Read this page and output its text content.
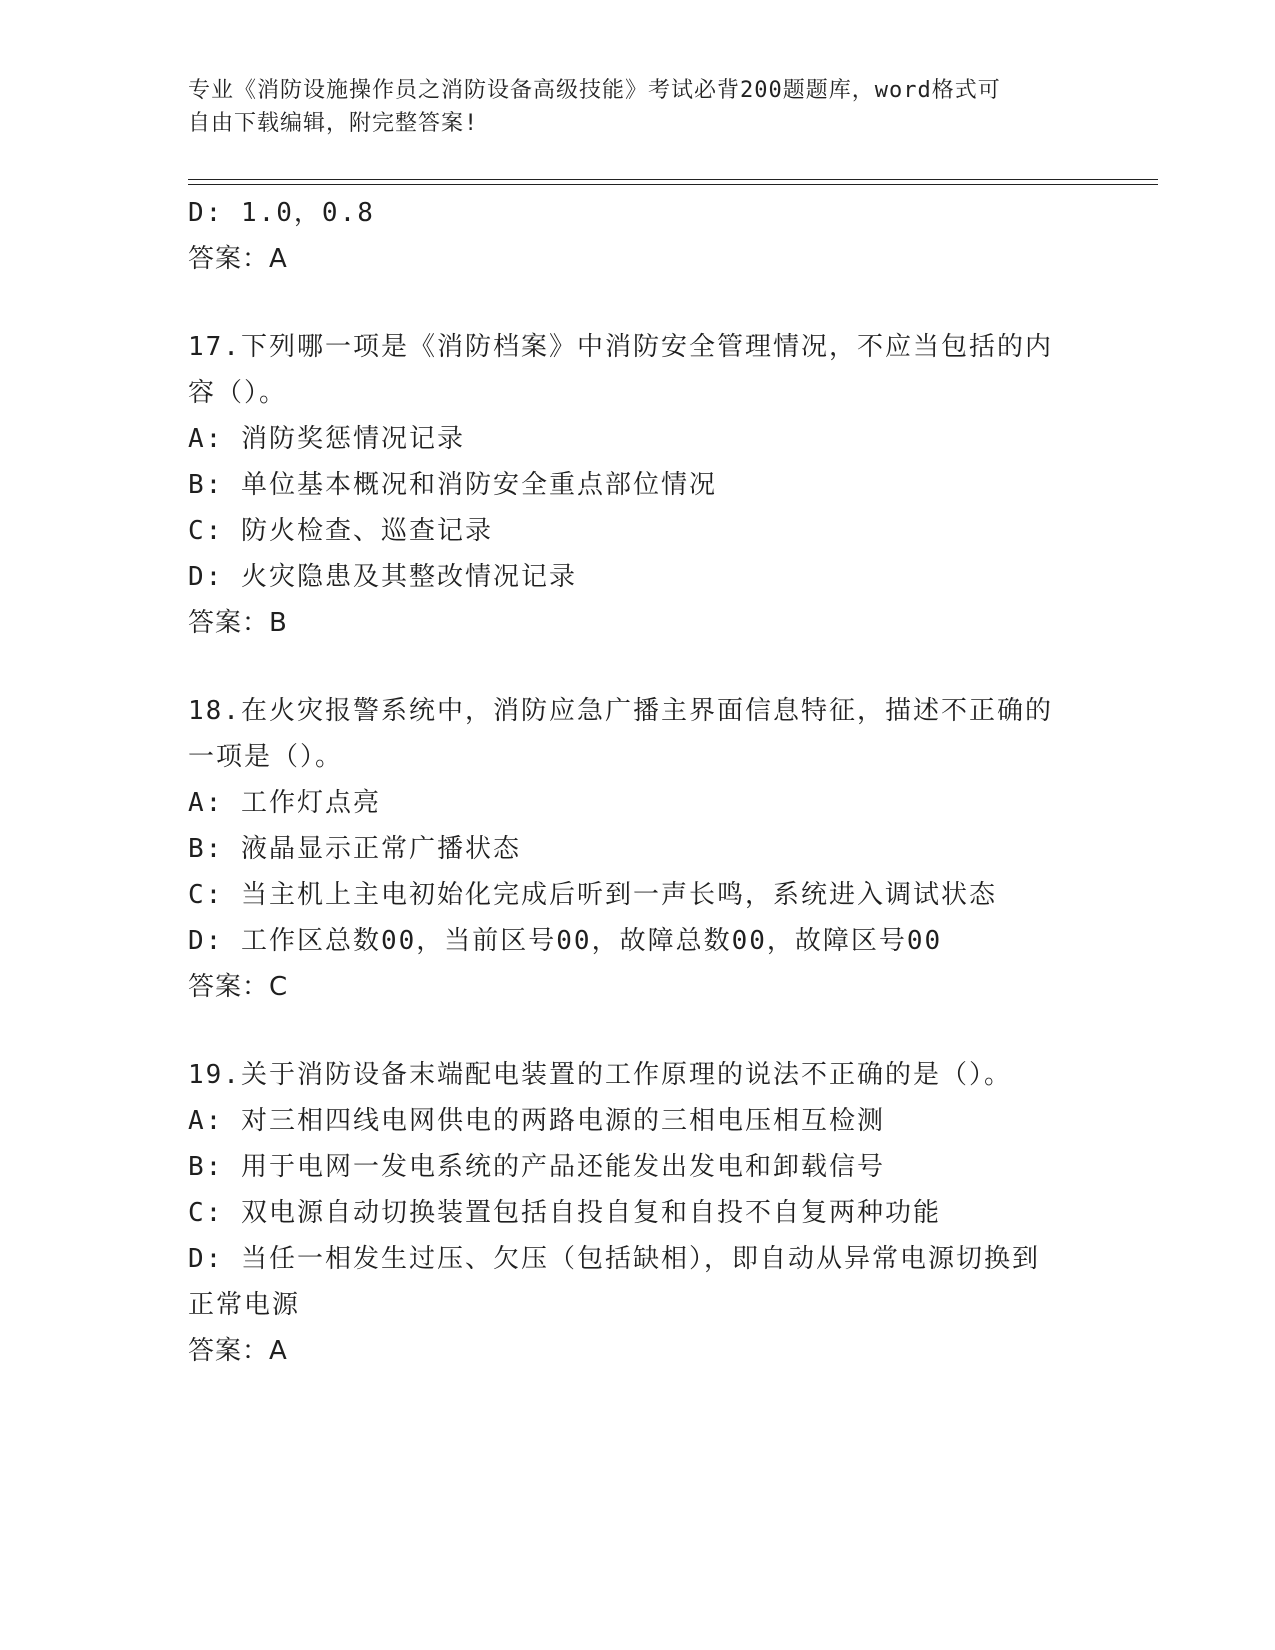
专业《消防设施操作员之消防设备高级技能》考试必背200题题库，word格式可
自由下载编辑，附完整答案!
D: 1.0，0.8
答案：A
17.下列哪一项是《消防档案》中消防安全管理情况，不应当包括的内
容（）。
A: 消防奖惩情况记录
B: 单位基本概况和消防安全重点部位情况
C: 防火检查、巡查记录
D: 火灾隐患及其整改情况记录
答案：B
18.在火灾报警系统中，消防应急广播主界面信息特征，描述不正确的
一项是（）。
A: 工作灯点亮
B: 液晶显示正常广播状态
C: 当主机上主电初始化完成后听到一声长鸣，系统进入调试状态
D: 工作区总数00，当前区号00，故障总数00，故障区号00
答案：C
19.关于消防设备末端配电装置的工作原理的说法不正确的是（）。
A: 对三相四线电网供电的两路电源的三相电压相互检测
B: 用于电网一发电系统的产品还能发出发电和卸载信号
C: 双电源自动切换装置包括自投自复和自投不自复两种功能
D: 当任一相发生过压、欠压（包括缺相），即自动从异常电源切换到
正常电源
答案：A
